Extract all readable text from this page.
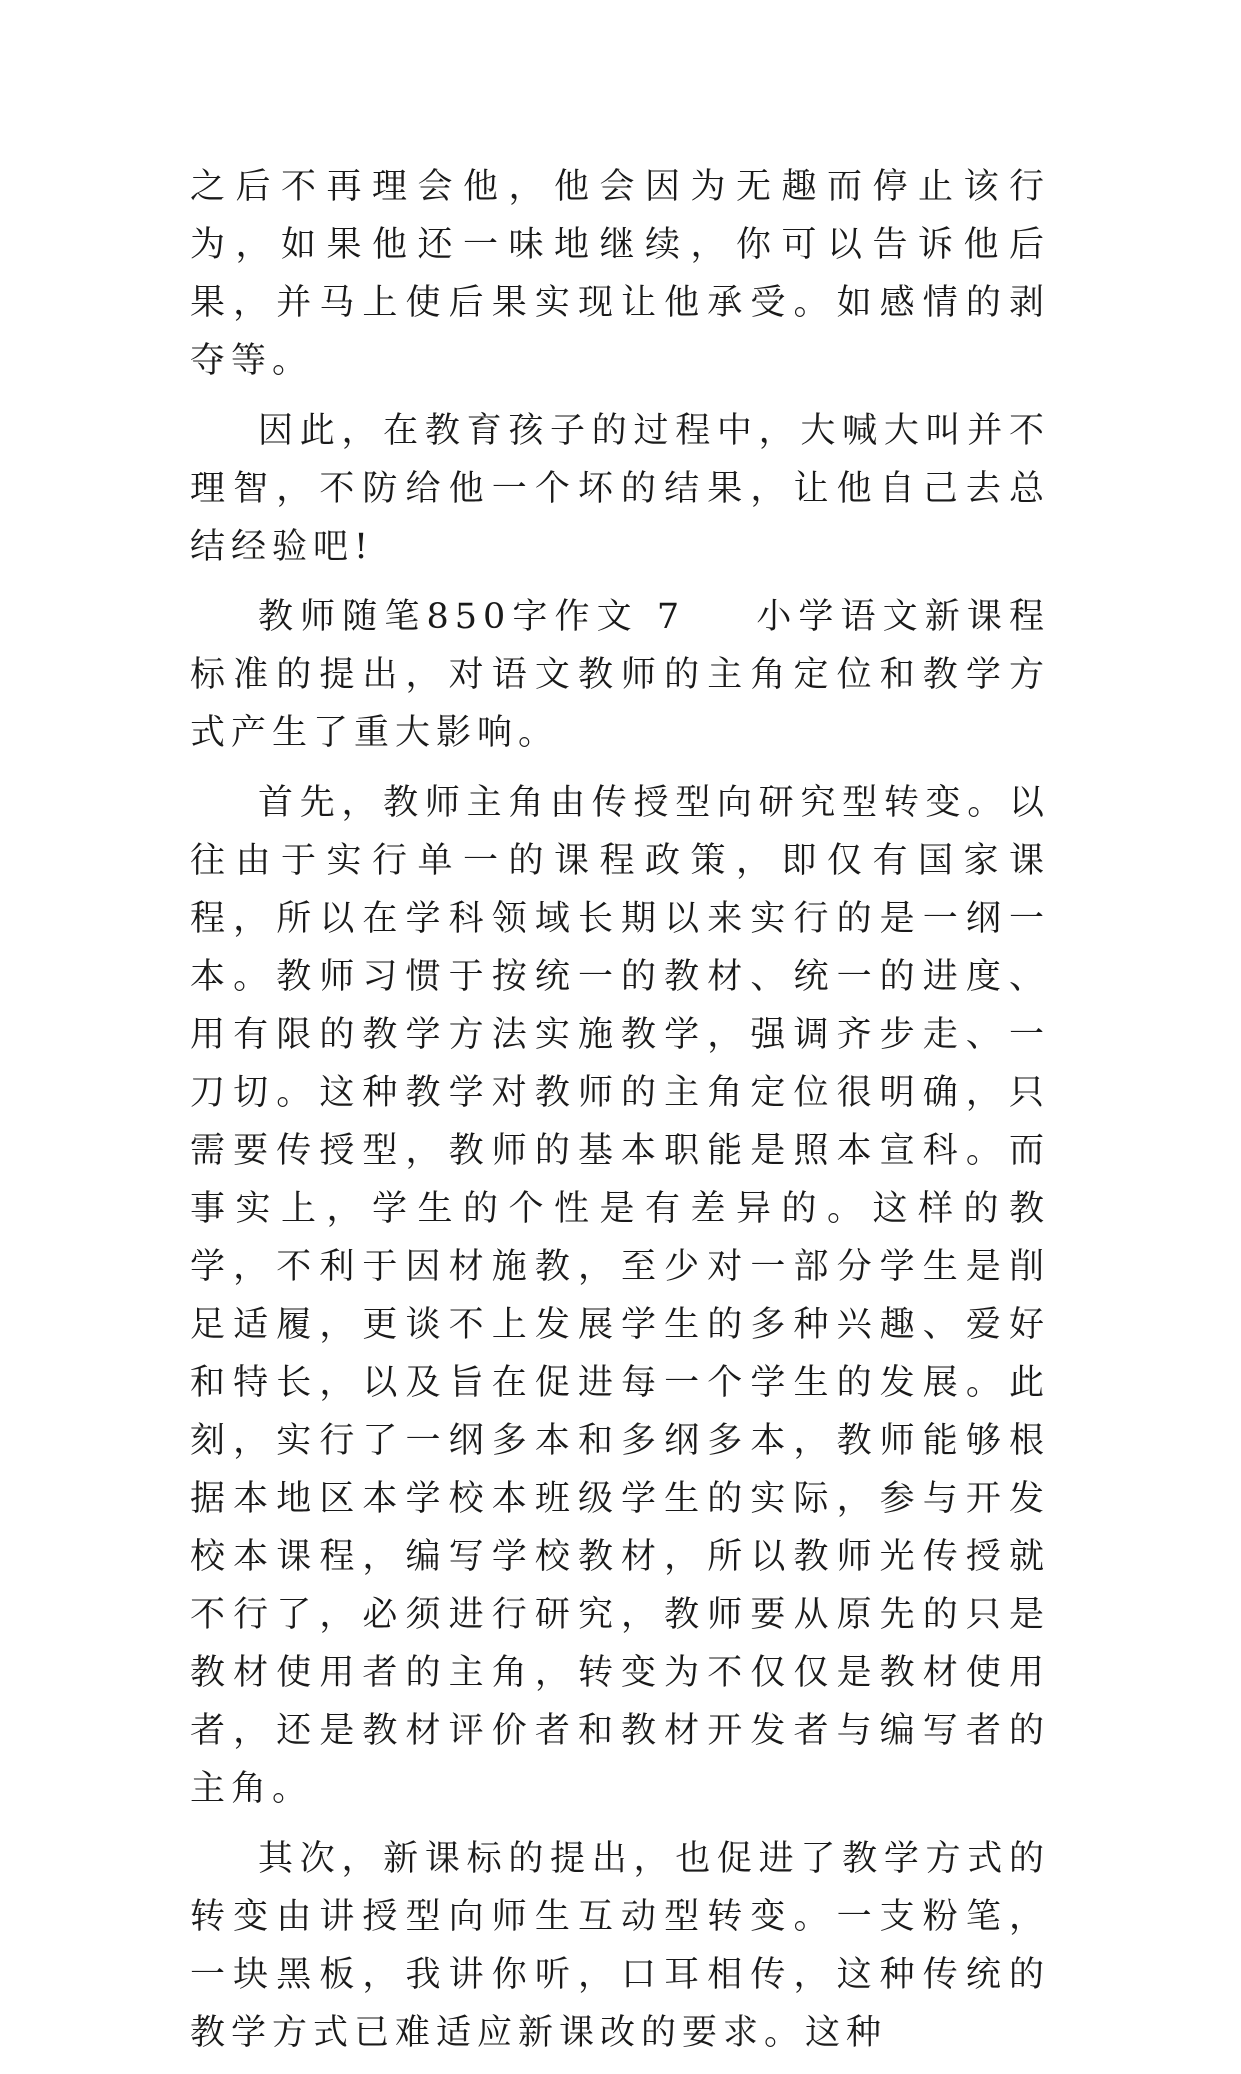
之后不再理会他，他会因为无趣而停止该行为，如果他还一味地继续，你可以告诉他后果，并马上使后果实现让他承受。如感情的剥夺等。

因此，在教育孩子的过程中，大喊大叫并不理智，不防给他一个坏的结果，让他自己去总结经验吧!

教师随笔850字作文 7 小学语文新课程标准的提出，对语文教师的主角定位和教学方式产生了重大影响。

首先，教师主角由传授型向研究型转变。以往由于实行单一的课程政策，即仅有国家课程，所以在学科领域长期以来实行的是一纲一本。教师习惯于按统一的教材、统一的进度、用有限的教学方法实施教学，强调齐步走、一刀切。这种教学对教师的主角定位很明确，只需要传授型，教师的基本职能是照本宣科。而事实上，学生的个性是有差异的。这样的教学，不利于因材施教，至少对一部分学生是削足适履，更谈不上发展学生的多种兴趣、爱好和特长，以及旨在促进每一个学生的发展。此刻，实行了一纲多本和多纲多本，教师能够根据本地区本学校本班级学生的实际，参与开发校本课程，编写学校教材，所以教师光传授就不行了，必须进行研究，教师要从原先的只是教材使用者的主角，转变为不仅仅是教材使用者，还是教材评价者和教材开发者与编写者的主角。

其次，新课标的提出，也促进了教学方式的转变由讲授型向师生互动型转变。一支粉笔，一块黑板，我讲你听，口耳相传，这种传统的教学方式已难适应新课改的要求。这种
